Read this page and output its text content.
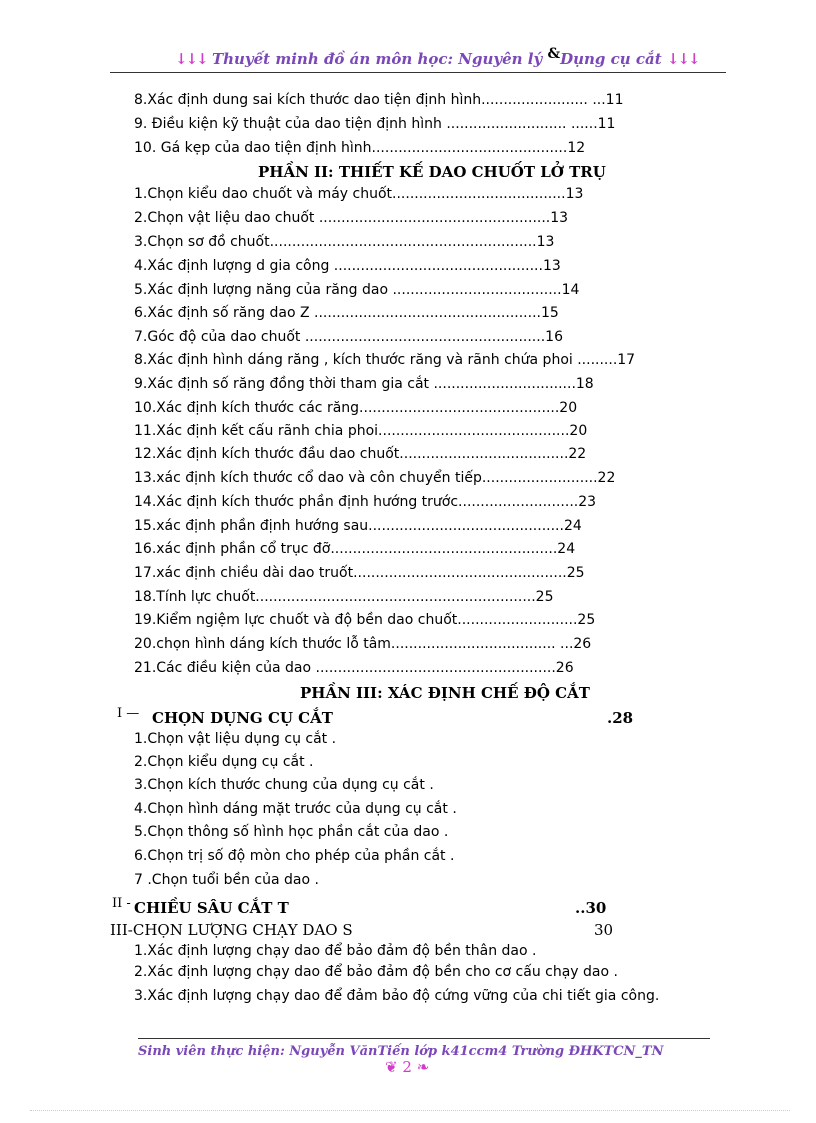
↓↓↓ Thuyết minh đồ án môn học: Nguyên lý &Dụng cụ cắt ↓↓↓
8.Xác định dung sai kích thước dao tiện định hình........................ ...11
9. Điều kiện kỹ thuật của dao tiện định hình ........................... ......11
10. Gá kẹp của dao tiện định hình............................................12
PHẦN II: THIẾT KẾ DAO CHUỐT LỞ TRỤ
1.Chọn kiểu dao chuốt và máy chuốt.......................................13
2.Chọn vật liệu dao chuốt ....................................................13
3.Chọn sơ đồ chuốt............................................................13
4.Xác định lượng d gia công ...............................................13
5.Xác định lượng năng của răng dao ......................................14
6.Xác định số răng dao Z ...................................................15
7.Góc độ của dao chuốt ......................................................16
8.Xác định hình dáng răng , kích thước răng và rãnh chứa phoi .........17
9.Xác định số răng đồng thời tham gia cắt ................................18
10.Xác định kích thước các răng.............................................20
11.Xác định kết cấu rãnh chia phoi...........................................20
12.Xác định kích thước đầu dao chuốt......................................22
13.xác định kích thước cổ dao và côn chuyển tiếp..........................22
14.Xác định kích thước phần định hướng trước...........................23
15.xác định phần định hướng sau............................................24
16.xác định phần cổ trục đỡ...................................................24
17.xác định chiều dài dao truốt................................................25
18.Tính lực chuốt...............................................................25
19.Kiểm ngiệm lực chuốt và độ bền dao chuốt...........................25
20.chọn hình dáng kích thước lỗ tâm..................................... ...26
21.Các điều kiện của dao ......................................................26
PHẦN III: XÁC ĐỊNH CHẾ ĐỘ CẮT
I — CHỌN DỤNG CỤ CẮT	.28
1.Chọn vật liệu dụng cụ cắt .
2.Chọn kiểu dụng cụ cắt .
3.Chọn kích thước chung của dụng cụ cắt .
4.Chọn hình dáng mặt trước của dụng cụ cắt .
5.Chọn thông số hình học phần cắt của dao .
6.Chọn trị số độ mòn cho phép của phần cắt .
7 .Chọn tuổi bền của dao .
II - CHIỀU SÂU CẮT T	..30
III-CHỌN LƯỢNG CHẠY DAO S	30
1.Xác định lượng chạy dao để bảo đảm độ bền thân dao .
2.Xác định lượng chạy dao để bảo đảm độ bền cho cơ cấu chạy dao .
3.Xác định lượng chạy dao để đảm bảo độ cứng vững của chi tiết gia công.
Sinh viên thực hiện: Nguyễn VănTiến lớp k41ccm4 Trường ĐHKTCN_TN
❦ 2 ❧
